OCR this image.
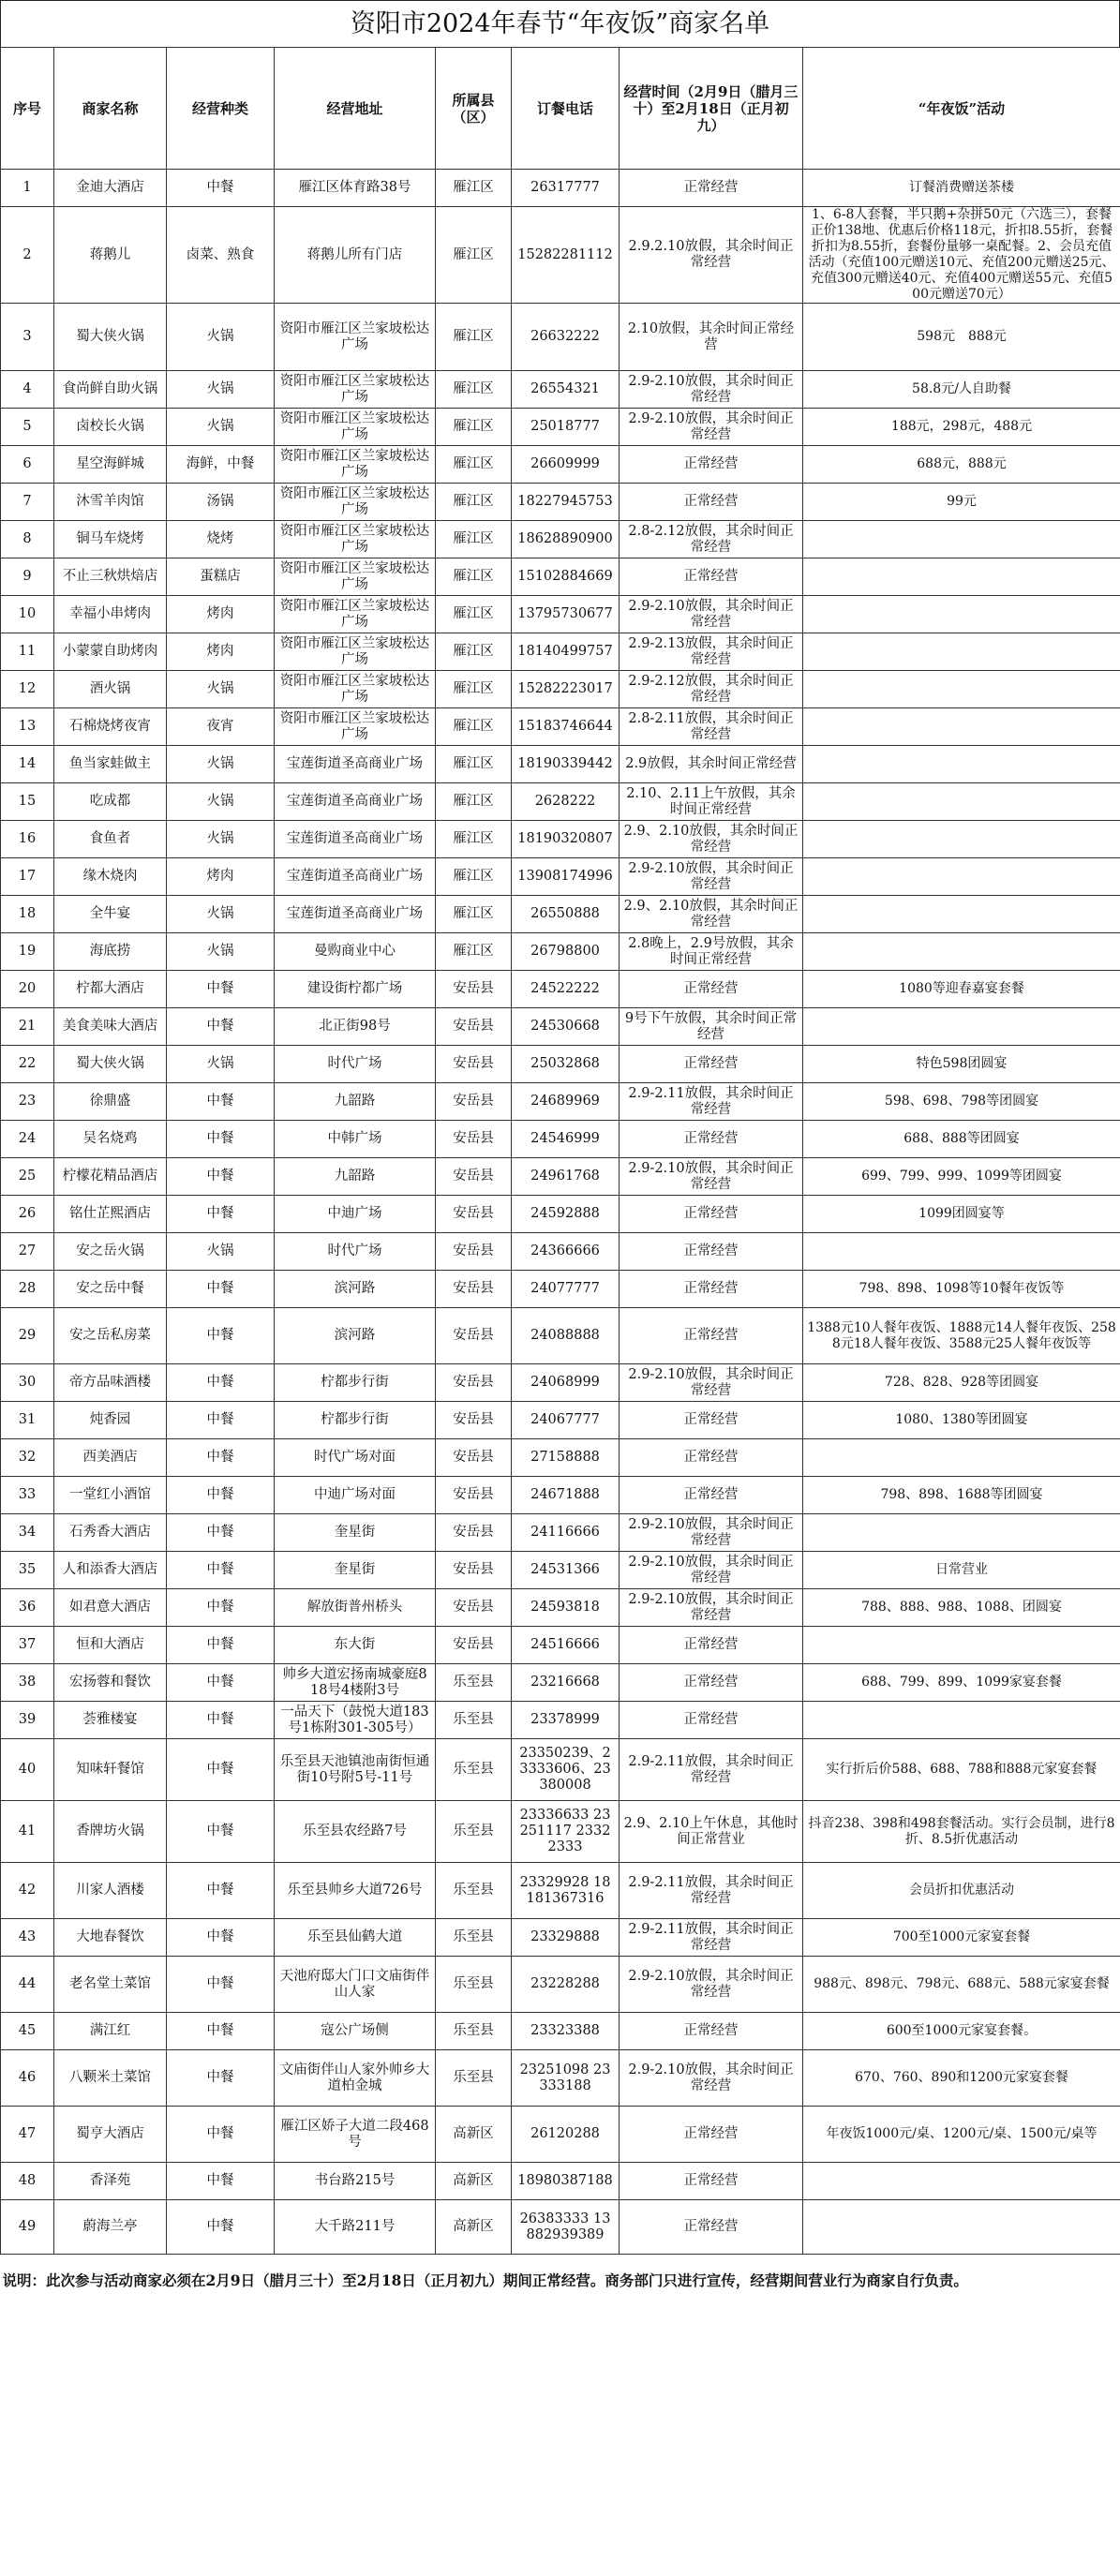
资阳市2024年春节“年夜饭”商家名单
序号	商家名称	经营种类	经营地址	所属县（区）	订餐电话	经营时间（2月9日（腊月三十）至2月18日（正月初九）	“年夜饭”活动
1	金迪大酒店	中餐	雁江区体育路38号	雁江区	26317777	正常经营	订餐消费赠送茶楼
2	蒋鹅儿	卤菜、熟食	蒋鹅儿所有门店	雁江区	15282281112	2.9.2.10放假，其余时间正常经营	1、6-8人套餐，半只鹅+杂拼50元（六选三），套餐正价138地、优惠后价格118元，折扣8.55折，套餐折扣为8.55折，套餐份量够一桌配餐。2、会员充值活动（充值100元赠送10元、充值200元赠送25元、充值300元赠送40元、充值400元赠送55元、充值500元赠送70元）
3	蜀大侠火锅	火锅	资阳市雁江区兰家坡松达广场	雁江区	26632222	2.10放假，其余时间正常经营	598元　888元
4	食尚鲜自助火锅	火锅	资阳市雁江区兰家坡松达广场	雁江区	26554321	2.9-2.10放假，其余时间正常经营	58.8元/人自助餐
5	卤校长火锅	火锅	资阳市雁江区兰家坡松达广场	雁江区	25018777	2.9-2.10放假，其余时间正常经营	188元，298元，488元
6	星空海鲜城	海鲜，中餐	资阳市雁江区兰家坡松达广场	雁江区	26609999	正常经营	688元，888元
7	沐雪羊肉馆	汤锅	资阳市雁江区兰家坡松达广场	雁江区	18227945753	正常经营	99元
8	铜马车烧烤	烧烤	资阳市雁江区兰家坡松达广场	雁江区	18628890900	2.8-2.12放假，其余时间正常经营	
9	不止三秋烘焙店	蛋糕店	资阳市雁江区兰家坡松达广场	雁江区	15102884669	正常经营	
10	幸福小串烤肉	烤肉	资阳市雁江区兰家坡松达广场	雁江区	13795730677	2.9-2.10放假，其余时间正常经营	
11	小蒙蒙自助烤肉	烤肉	资阳市雁江区兰家坡松达广场	雁江区	18140499757	2.9-2.13放假，其余时间正常经营	
12	酒火锅	火锅	资阳市雁江区兰家坡松达广场	雁江区	15282223017	2.9-2.12放假，其余时间正常经营	
13	石棉烧烤夜宵	夜宵	资阳市雁江区兰家坡松达广场	雁江区	15183746644	2.8-2.11放假，其余时间正常经营	
14	鱼当家蛙做主	火锅	宝莲街道圣高商业广场	雁江区	18190339442	2.9放假，其余时间正常经营	
15	吃成都	火锅	宝莲街道圣高商业广场	雁江区	2628222	2.10、2.11上午放假，其余时间正常经营	
16	食鱼者	火锅	宝莲街道圣高商业广场	雁江区	18190320807	2.9、2.10放假，其余时间正常经营	
17	缘木烧肉	烤肉	宝莲街道圣高商业广场	雁江区	13908174996	2.9-2.10放假，其余时间正常经营	
18	全牛宴	火锅	宝莲街道圣高商业广场	雁江区	26550888	2.9、2.10放假，其余时间正常经营	
19	海底捞	火锅	曼购商业中心	雁江区	26798800	2.8晚上，2.9号放假，其余时间正常经营	
20	柠都大酒店	中餐	建设街柠都广场	安岳县	24522222	正常经营	1080等迎春嘉宴套餐
21	美食美味大酒店	中餐	北正街98号	安岳县	24530668	9号下午放假，其余时间正常经营	
22	蜀大侠火锅	火锅	时代广场	安岳县	25032868	正常经营	特色598团圆宴
23	徐鼎盛	中餐	九韶路	安岳县	24689969	2.9-2.11放假，其余时间正常经营	598、698、798等团圆宴
24	吴名烧鸡	中餐	中韩广场	安岳县	24546999	正常经营	688、888等团圆宴
25	柠檬花精品酒店	中餐	九韶路	安岳县	24961768	2.9-2.10放假，其余时间正常经营	699、799、999、1099等团圆宴
26	铭仕芷熙酒店	中餐	中迪广场	安岳县	24592888	正常经营	1099团圆宴等
27	安之岳火锅	火锅	时代广场	安岳县	24366666	正常经营	
28	安之岳中餐	中餐	滨河路	安岳县	24077777	正常经营	798、898、1098等10餐年夜饭等
29	安之岳私房菜	中餐	滨河路	安岳县	24088888	正常经营	1388元10人餐年夜饭、1888元14人餐年夜饭、2588元18人餐年夜饭、3588元25人餐年夜饭等
30	帝方品味酒楼	中餐	柠都步行街	安岳县	24068999	2.9-2.10放假，其余时间正常经营	728、828、928等团圆宴
31	炖香园	中餐	柠都步行街	安岳县	24067777	正常经营	1080、1380等团圆宴
32	西美酒店	中餐	时代广场对面	安岳县	27158888	正常经营	
33	一堂红小酒馆	中餐	中迪广场对面	安岳县	24671888	正常经营	798、898、1688等团圆宴
34	石秀香大酒店	中餐	奎星街	安岳县	24116666	2.9-2.10放假，其余时间正常经营	
35	人和添香大酒店	中餐	奎星街	安岳县	24531366	2.9-2.10放假，其余时间正常经营	日常营业
36	如君意大酒店	中餐	解放街普州桥头	安岳县	24593818	2.9-2.10放假，其余时间正常经营	788、888、988、1088、团圆宴
37	恒和大酒店	中餐	东大街	安岳县	24516666	正常经营	
38	宏扬蓉和餐饮	中餐	帅乡大道宏扬南城豪庭818号4楼附3号	乐至县	23216668	正常经营	688、799、899、1099家宴套餐
39	荟雅楼宴	中餐	一品天下（鼓悦大道183号1栋附301-305号）	乐至县	23378999	正常经营	
40	知味轩餐馆	中餐	乐至县天池镇池南街恒通街10号附5号-11号	乐至县	23350239、23333606、23380008	2.9-2.11放假，其余时间正常经营	实行折后价588、688、788和888元家宴套餐
41	香牌坊火锅	中餐	乐至县农经路7号	乐至县	23336633 23251117 23322333	2.9、2.10上午休息，其他时间正常营业	抖音238、398和498套餐活动。实行会员制，进行8折、8.5折优惠活动
42	川家人酒楼	中餐	乐至县帅乡大道726号	乐至县	23329928 18181367316	2.9-2.11放假，其余时间正常经营	会员折扣优惠活动
43	大地春餐饮	中餐	乐至县仙鹤大道	乐至县	23329888	2.9-2.11放假，其余时间正常经营	700至1000元家宴套餐
44	老名堂土菜馆	中餐	天池府邸大门口文庙街伴山人家	乐至县	23228288	2.9-2.10放假，其余时间正常经营	988元、898元、798元、688元、588元家宴套餐
45	满江红	中餐	寇公广场侧	乐至县	23323388	正常经营	600至1000元家宴套餐。
46	八颗米土菜馆	中餐	文庙街伴山人家外帅乡大道柏金城	乐至县	23251098 23333188	2.9-2.10放假，其余时间正常经营	670、760、890和1200元家宴套餐
47	蜀亨大酒店	中餐	雁江区娇子大道二段468号	高新区	26120288	正常经营	年夜饭1000元/桌、1200元/桌、1500元/桌等
48	香泽苑	中餐	书台路215号	高新区	18980387188	正常经营	
49	蔚海兰亭	中餐	大千路211号	高新区	26383333 13882939389	正常经营	
说明：此次参与活动商家必须在2月9日（腊月三十）至2月18日（正月初九）期间正常经营。商务部门只进行宣传，经营期间营业行为商家自行负责。							
